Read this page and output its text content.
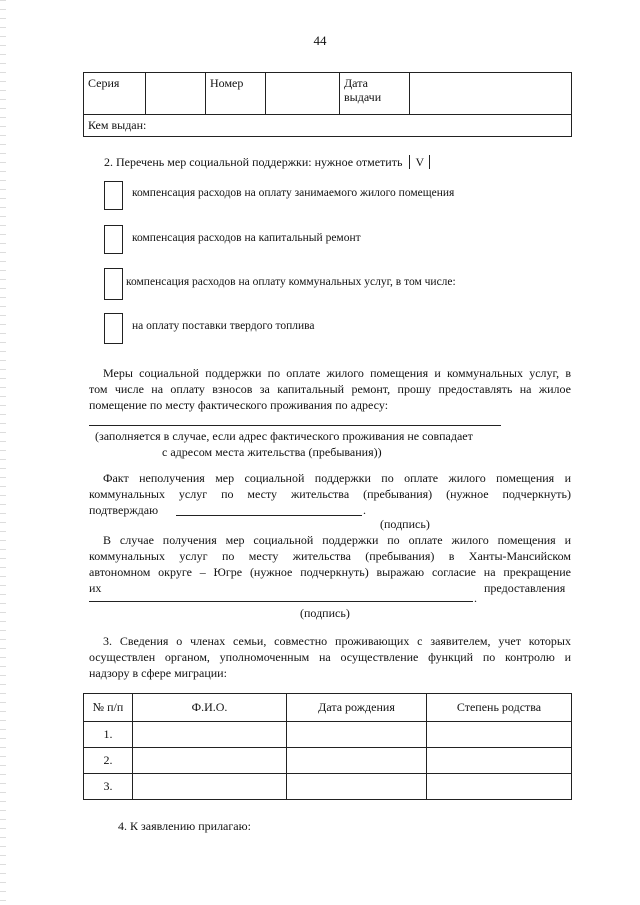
44
Серия		Номер		Дата
выдачи

Кем выдан:
2. Перечень мер социальной поддержки: нужное отметить V
компенсация расходов на оплату занимаемого жилого помещения
компенсация расходов на капитальный ремонт
компенсация расходов на оплату коммунальных услуг, в том числе:
на оплату поставки твердого топлива
Меры социальной поддержки по оплате жилого помещения и коммунальных услуг, в
том числе на оплату взносов за капитальный ремонт, прошу предоставлять на жилое
помещение по месту фактического проживания по адресу:
(заполняется в случае, если адрес фактического проживания не совпадает
с адресом места жительства (пребывания))
Факт неполучения мер социальной поддержки по оплате жилого помещения и
коммунальных услуг по месту жительства (пребывания) (нужное подчеркнуть)
подтверждаю	.
(подпись)
В случае получения мер социальной поддержки по оплате жилого помещения и
коммунальных услуг по месту жительства (пребывания) в Ханты-Мансийском
автономном округе – Югре (нужное подчеркнуть) выражаю согласие на прекращение
их	предоставления
.
(подпись)
3. Сведения о членах семьи, совместно проживающих с заявителем, учет которых
осуществлен органом, уполномоченным на осуществление функций по контролю и
надзору в сфере миграции:
№ п/п	Ф.И.О.	Дата рождения	Степень родства
1.			
2.			
3.			
4. К заявлению прилагаю:
